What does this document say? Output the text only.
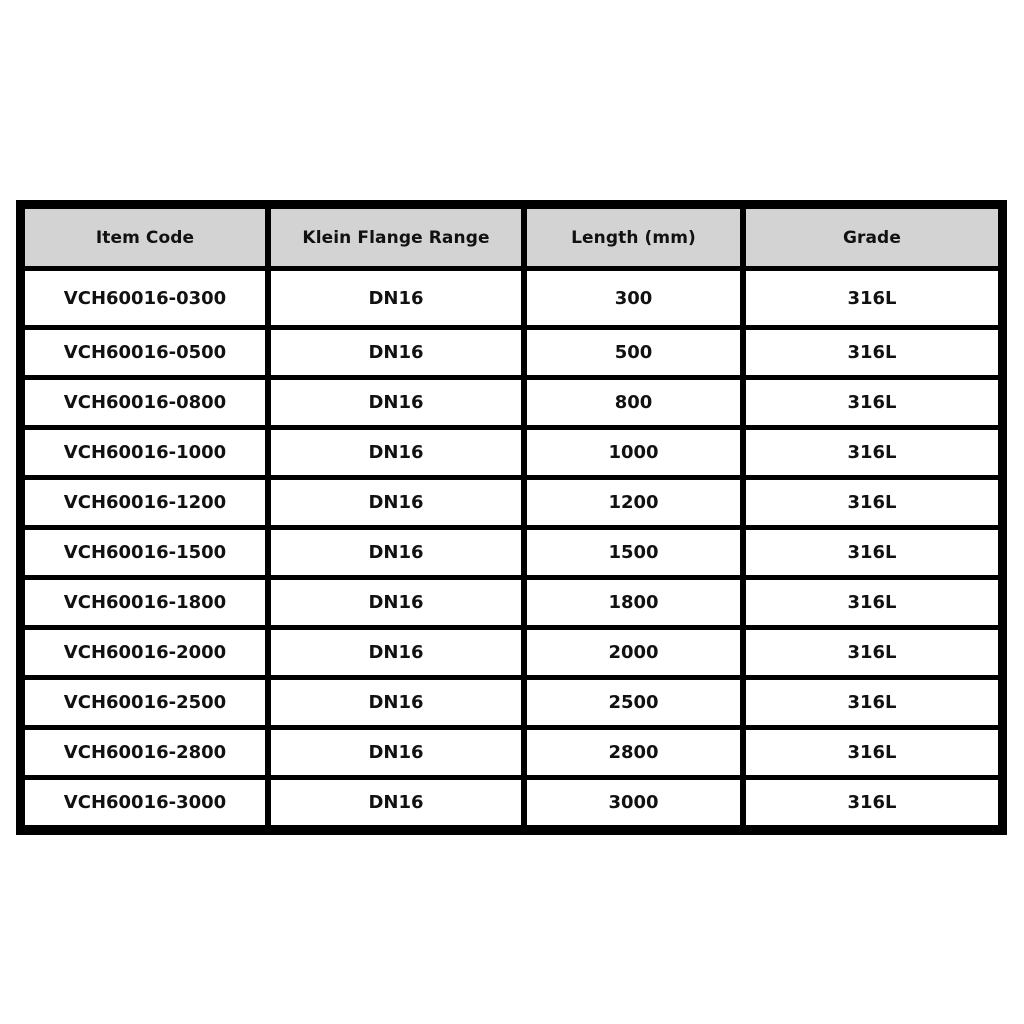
Item Code	Klein Flange Range	Length (mm)	Grade
VCH60016-0300	DN16	300	316L
VCH60016-0500	DN16	500	316L
VCH60016-0800	DN16	800	316L
VCH60016-1000	DN16	1000	316L
VCH60016-1200	DN16	1200	316L
VCH60016-1500	DN16	1500	316L
VCH60016-1800	DN16	1800	316L
VCH60016-2000	DN16	2000	316L
VCH60016-2500	DN16	2500	316L
VCH60016-2800	DN16	2800	316L
VCH60016-3000	DN16	3000	316L
